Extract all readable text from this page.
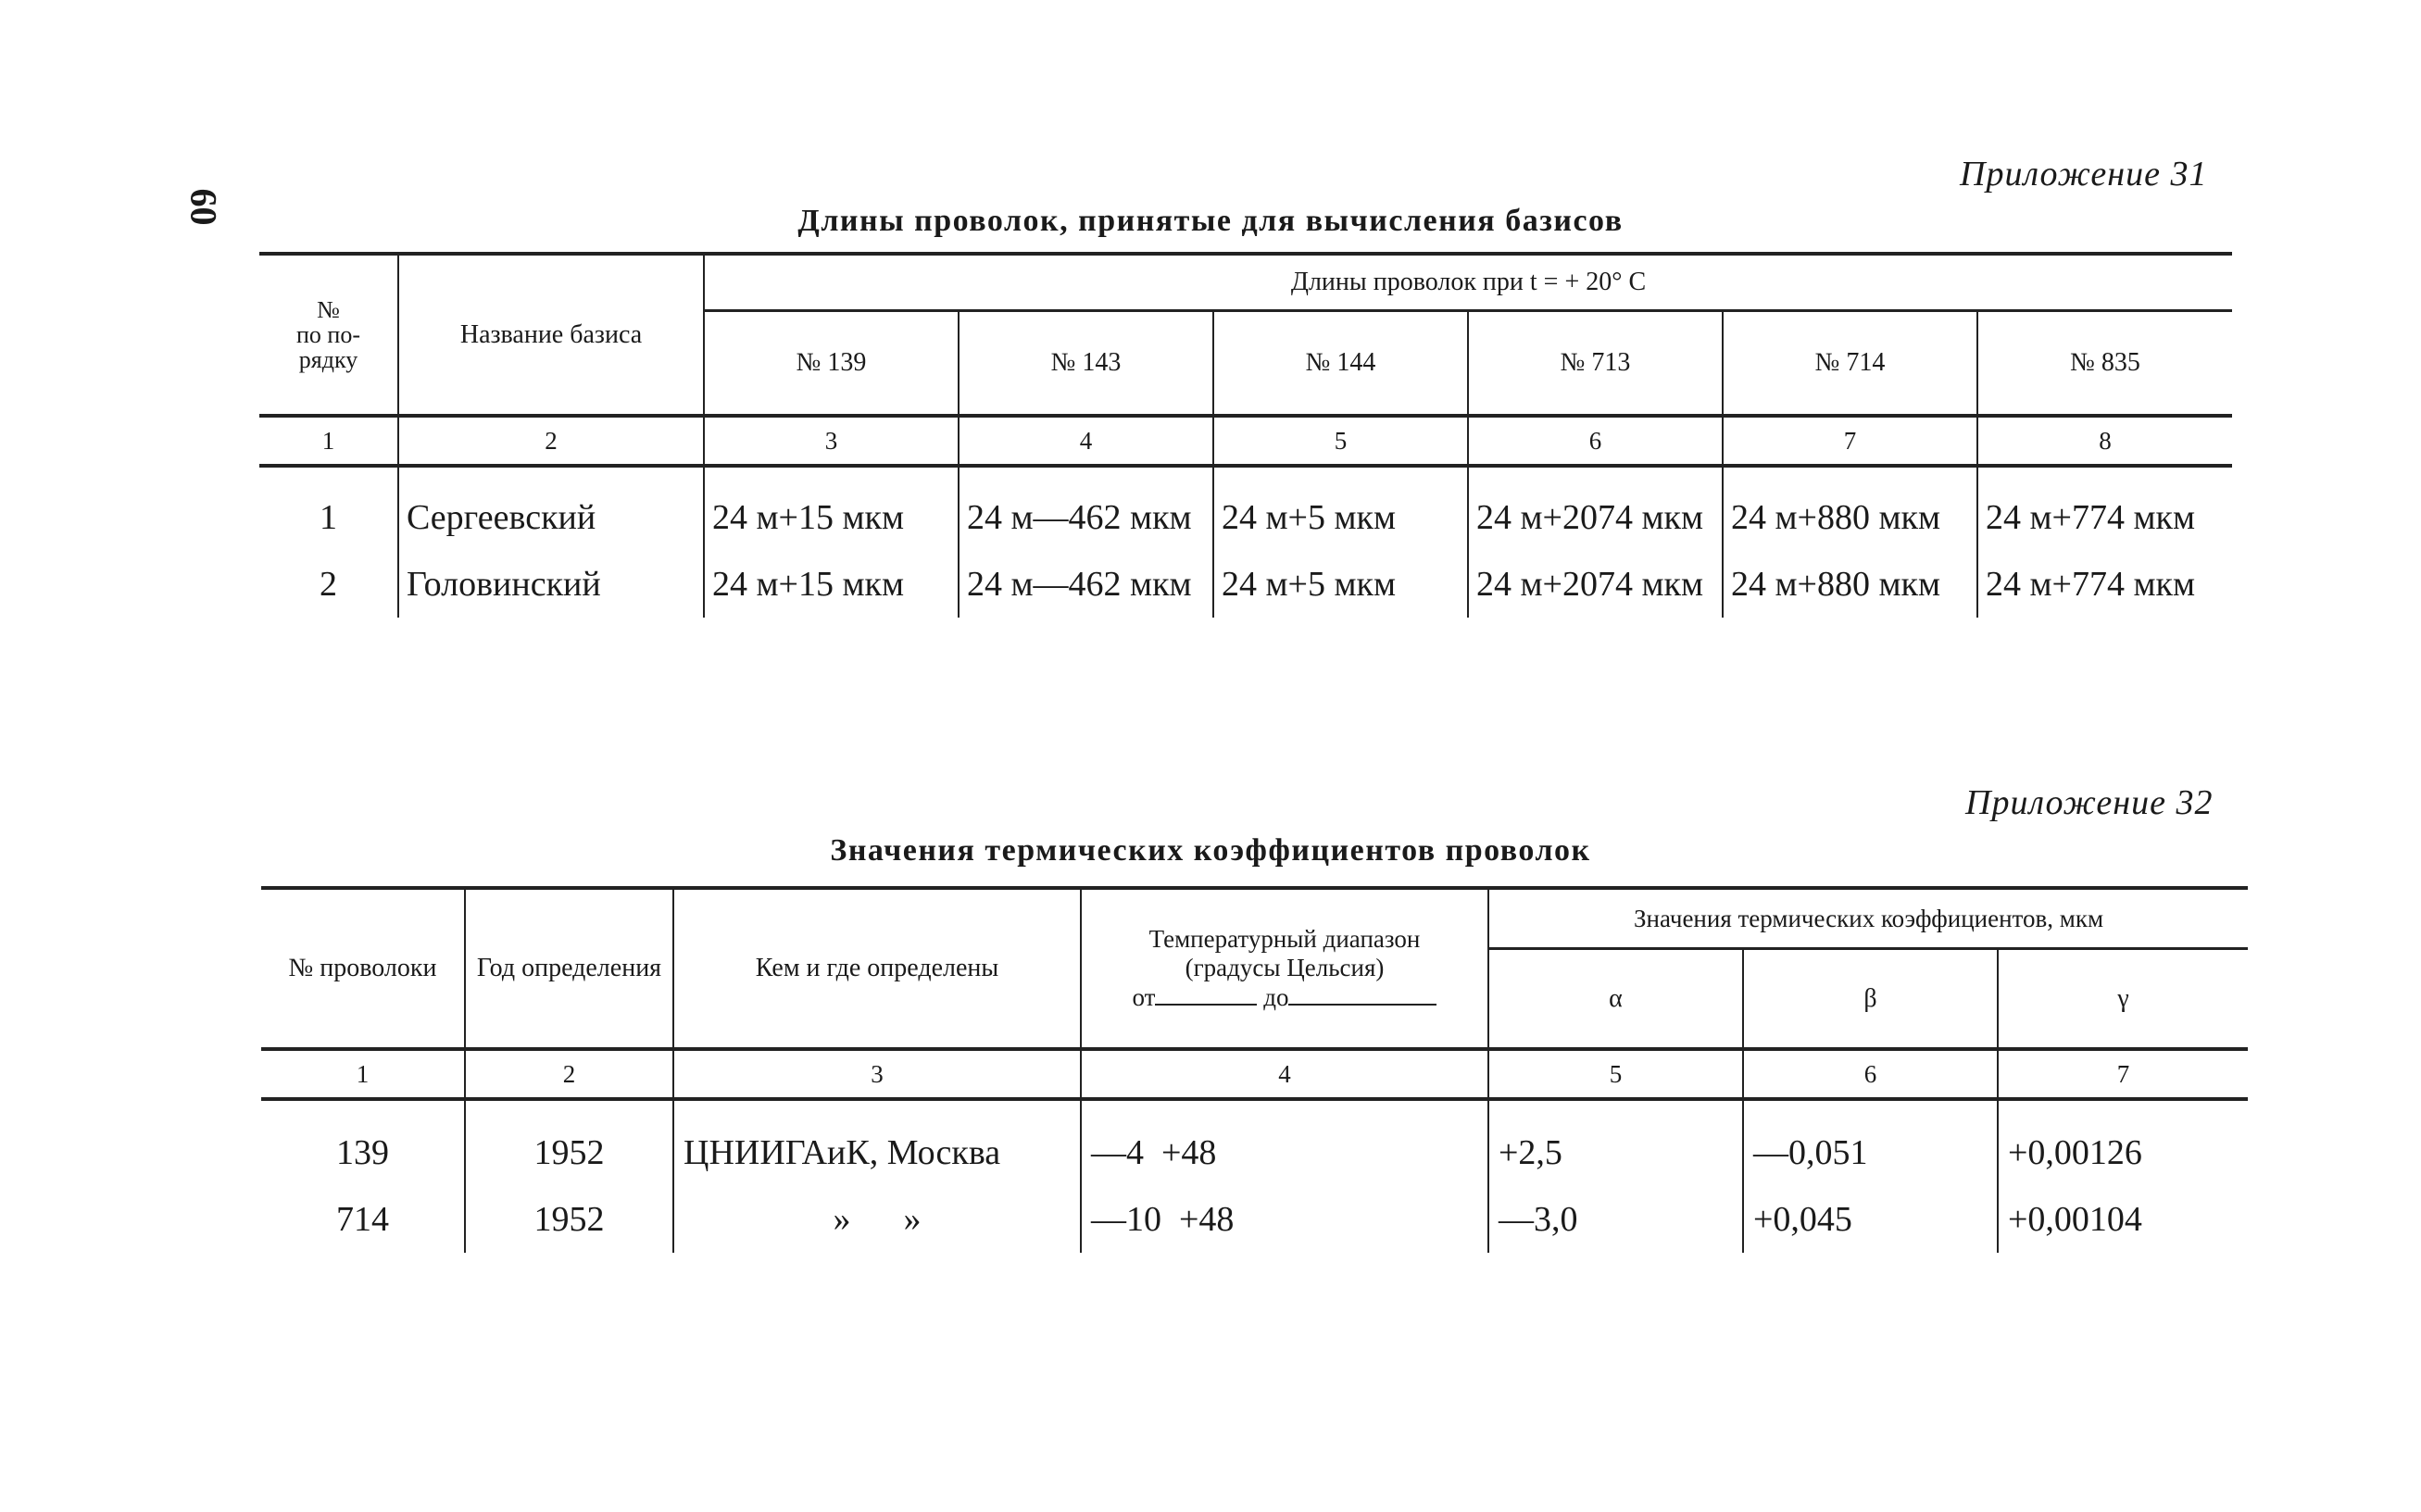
60
Приложение 31
Длины проволок, принятые для вычисления базисов
№
по по-
рядку	Название базиса	Длины проволок при t = + 20° C					
		№ 139	№ 143	№ 144	№ 713	№ 714	№ 835
1	2	3	4	5	6	7	8
1	Сергеевский	24 м+15 мкм	24 м—462 мкм	24 м+5 мкм	24 м+2074 мкм	24 м+880 мкм	24 м+774 мкм
2	Головинский	24 м+15 мкм	24 м—462 мкм	24 м+5 мкм	24 м+2074 мкм	24 м+880 мкм	24 м+774 мкм
Приложение 32
Значения термических коэффициентов проволок
№ проволоки	Год определения	Кем и где определены	Температурный диапазон
(градусы Цельсия)
от до	Значения термических коэффициентов, мкм		
				α	β	γ
1	2	3	4	5	6	7
139	1952	ЦНИИГАиК, Москва	—4  +48	+2,5	—0,051	+0,00126
714	1952	»      »	—10  +48	—3,0	+0,045	+0,00104
